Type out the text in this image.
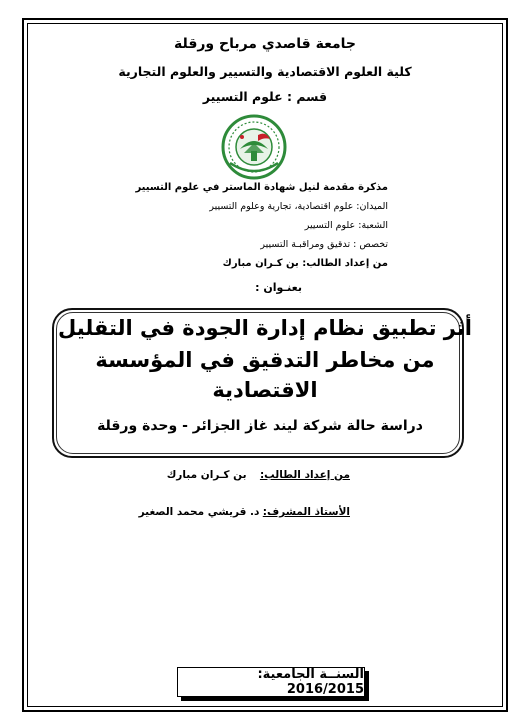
جامعة قاصدي مرباح ورقلة
كلية العلوم الاقتصادية والتسيير والعلوم التجارية
قسم : علوم التسيير
مذكرة مقدمة لنيل شهادة الماستر في علوم التسيير
الميدان: علوم اقتصادية، تجارية وعلوم التسيير
الشعبة: علوم التسيير
تخصص : تدقيق ومراقبـة التسيير
من إعداد الطالب: بن كـران مبارك
بعنـوان :
أثر تطبيق نظام إدارة الجودة في التقليل
من مخاطر التدقيق في المؤسسة
الاقتصادية
دراسة حالة شركة ليند غاز الجزائر - وحدة ورقلة
من إعداد الطالب:    بن كـران مبارك
الأستاذ المشرف: د. قريشي محمد الصغير
السنــة الجامعية: 2016/2015
